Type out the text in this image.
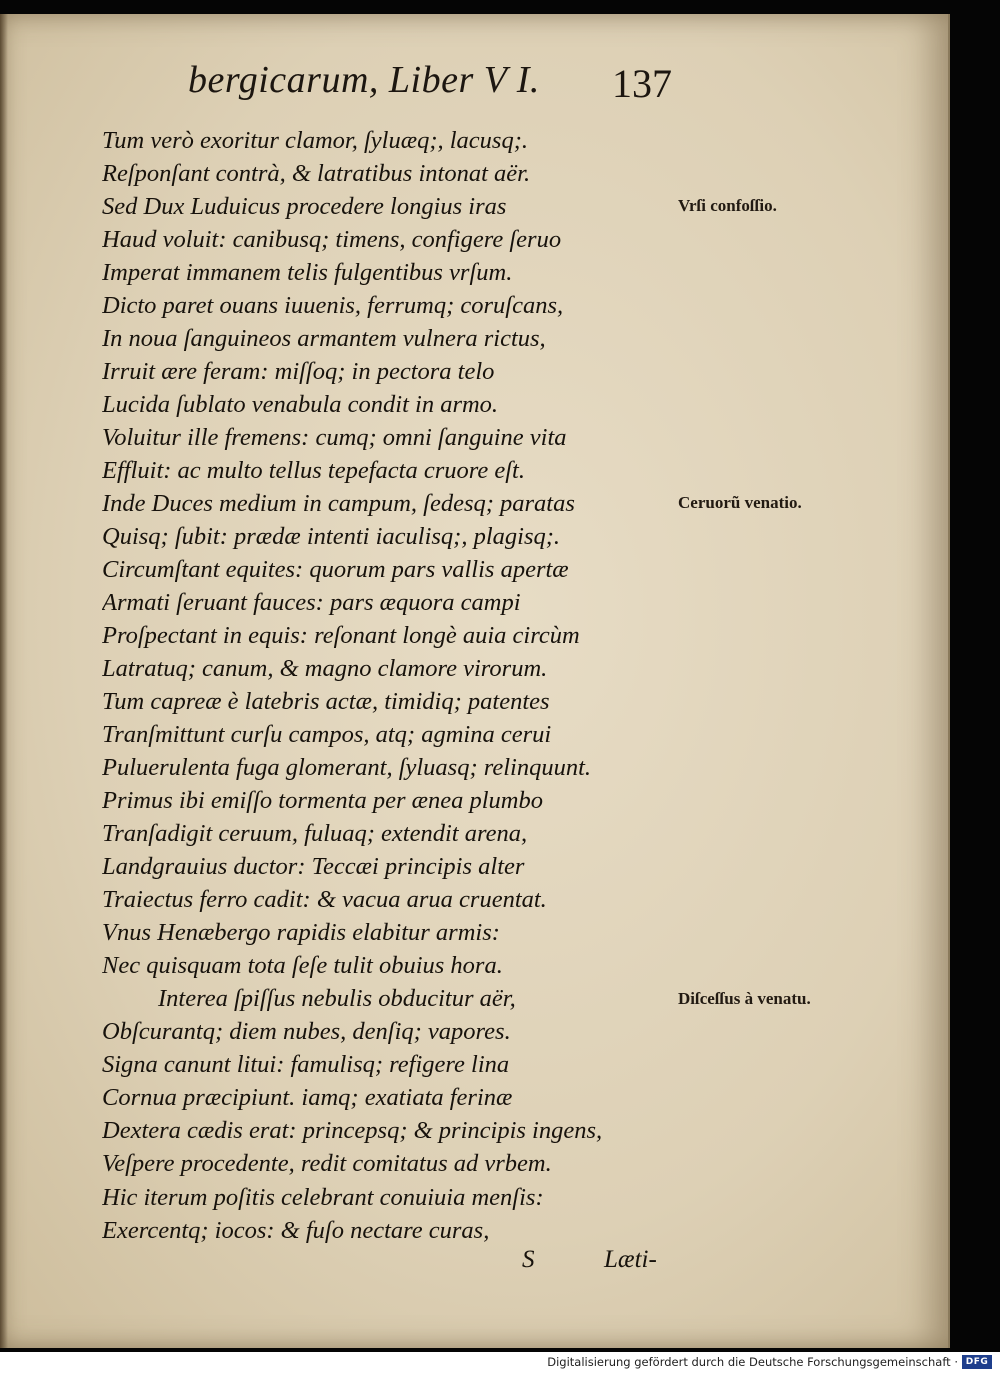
bergicarum, Liber V I.	137
Tum verò exoritur clamor, ſyluæq;, lacusq;.
Reſponſant contrà, & latratibus intonat aër.
Sed Dux Luduicus procedere longius iras
Haud voluit: canibusq; timens, configere ſeruo
Imperat immanem telis fulgentibus vrſum.
Dicto paret ouans iuuenis, ferrumq; coruſcans,
In noua ſanguineos armantem vulnera rictus,
Irruit ære feram: miſſoq; in pectora telo
Lucida ſublato venabula condit in armo.
Voluitur ille fremens: cumq; omni ſanguine vita
Effluit: ac multo tellus tepefacta cruore eſt.
Inde Duces medium in campum, ſedesq; paratas
Quisq; ſubit: prædæ intenti iaculisq;, plagisq;.
Circumſtant equites: quorum pars vallis apertæ
Armati ſeruant fauces: pars æquora campi
Proſpectant in equis: reſonant longè auia circùm
Latratuq; canum, & magno clamore virorum.
Tum capreæ è latebris actæ, timidiq; patentes
Tranſmittunt curſu campos, atq; agmina cerui
Puluerulenta fuga glomerant, ſyluasq; relinquunt.
Primus ibi emiſſo tormenta per ænea plumbo
Tranſadigit ceruum, fuluaq; extendit arena,
Landgrauius ductor: Teccæi principis alter
Traiectus ferro cadit: & vacua arua cruentat.
Vnus Henæbergo rapidis elabitur armis:
Nec quisquam tota ſeſe tulit obuius hora.
Interea ſpiſſus nebulis obducitur aër,
Obſcurantq; diem nubes, denſiq; vapores.
Signa canunt litui: famulisq; refigere lina
Cornua præcipiunt. iamq; exatiata ferinæ
Dextera cædis erat: princepsq; & principis ingens,
Veſpere procedente, redit comitatus ad vrbem.
Hic iterum poſitis celebrant conuiuia menſis:
Exercentq; iocos: & fuſo nectare curas,
Vrſi confoſſio.
Ceruorũ venatio.
Diſceſſus à venatu.
S	Læti-
Digitalisierung gefördert durch die Deutsche Forschungsgemeinschaft · DFG
